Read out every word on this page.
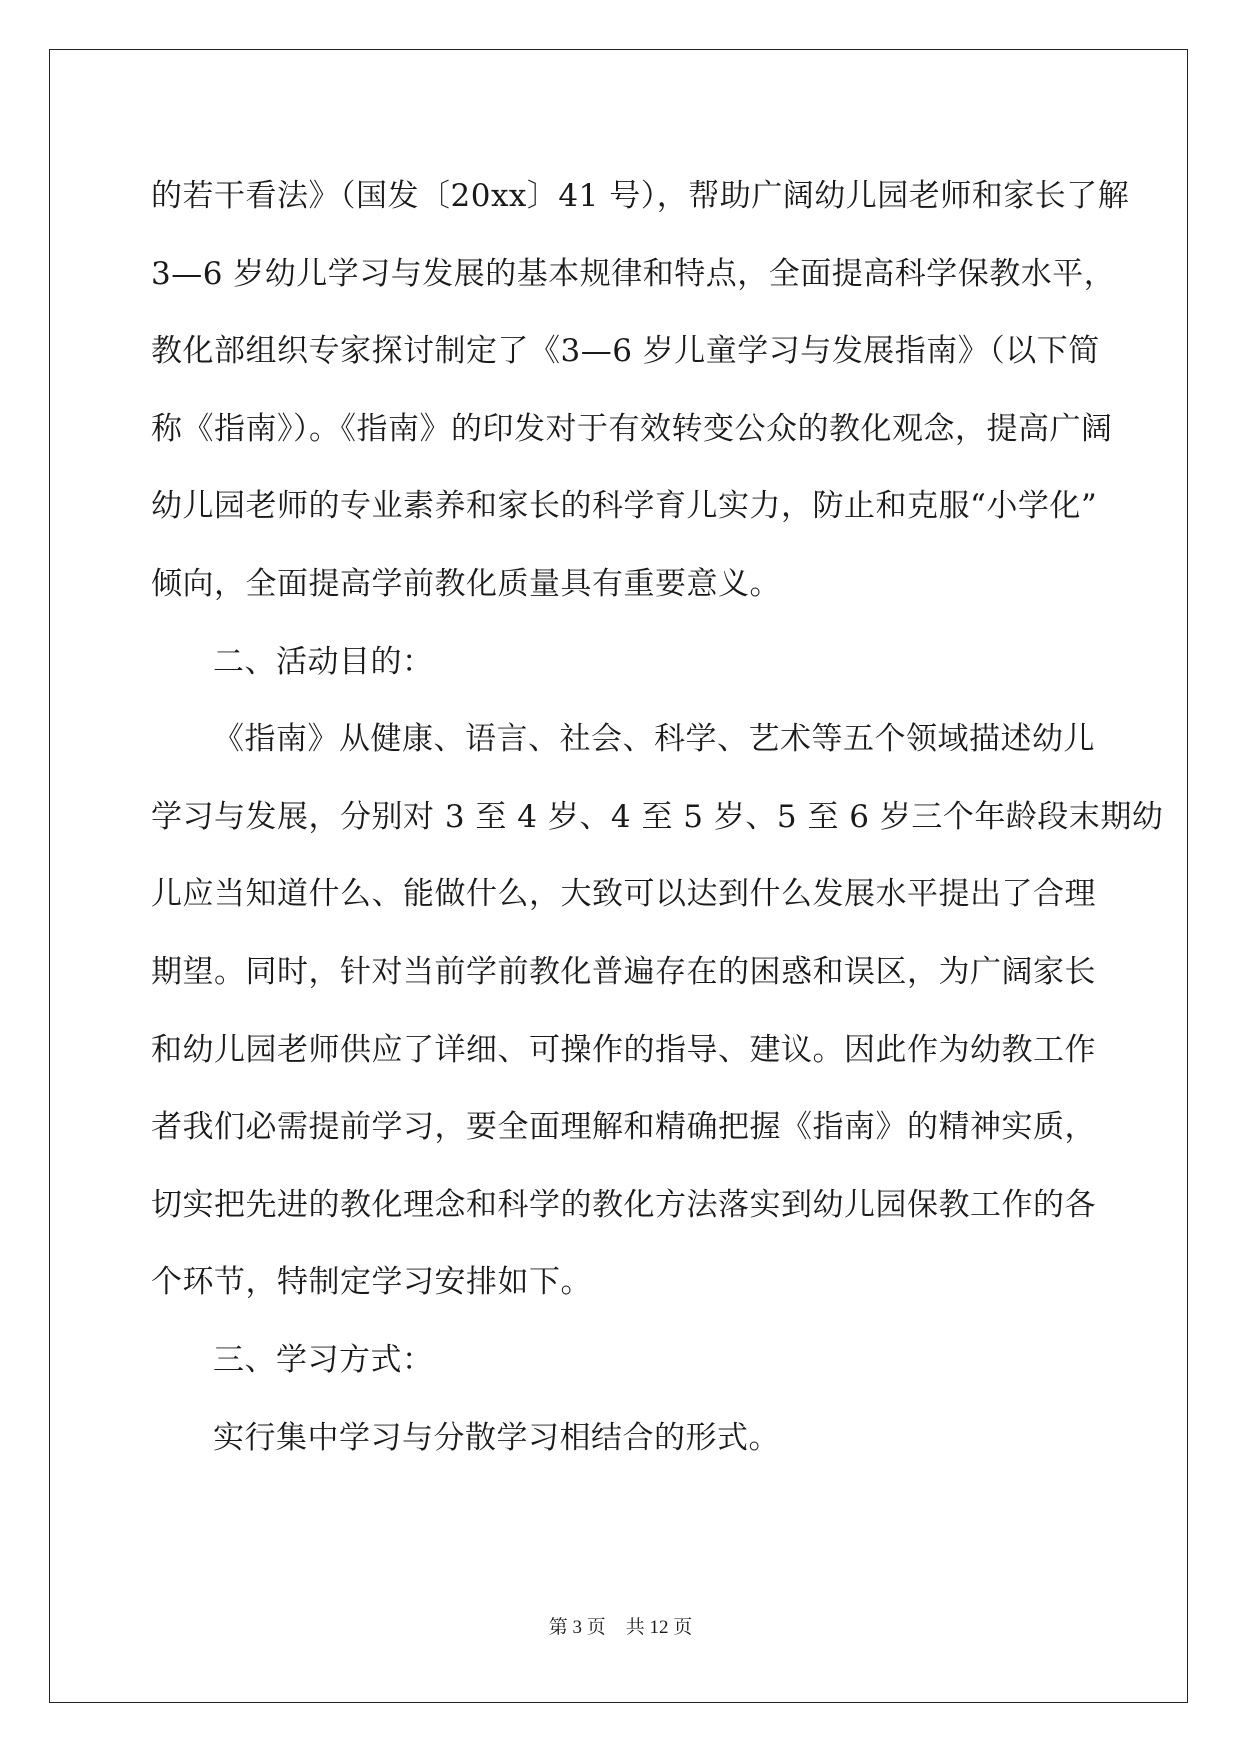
的若干看法》（国发〔20xx〕41 号），帮助广阔幼儿园老师和家长了解
3—6 岁幼儿学习与发展的基本规律和特点，全面提高科学保教水平，
教化部组织专家探讨制定了《3—6 岁儿童学习与发展指南》（以下简
称《指南》）。《指南》的印发对于有效转变公众的教化观念，提高广阔
幼儿园老师的专业素养和家长的科学育儿实力，防止和克服“小学化”
倾向，全面提高学前教化质量具有重要意义。
二、活动目的：
《指南》从健康、语言、社会、科学、艺术等五个领域描述幼儿
学习与发展，分别对 3 至 4 岁、4 至 5 岁、5 至 6 岁三个年龄段末期幼
儿应当知道什么、能做什么，大致可以达到什么发展水平提出了合理
期望。同时，针对当前学前教化普遍存在的困惑和误区，为广阔家长
和幼儿园老师供应了详细、可操作的指导、建议。因此作为幼教工作
者我们必需提前学习，要全面理解和精确把握《指南》的精神实质，
切实把先进的教化理念和科学的教化方法落实到幼儿园保教工作的各
个环节，特制定学习安排如下。
三、学习方式：
实行集中学习与分散学习相结合的形式。
第 3 页 共 12 页
